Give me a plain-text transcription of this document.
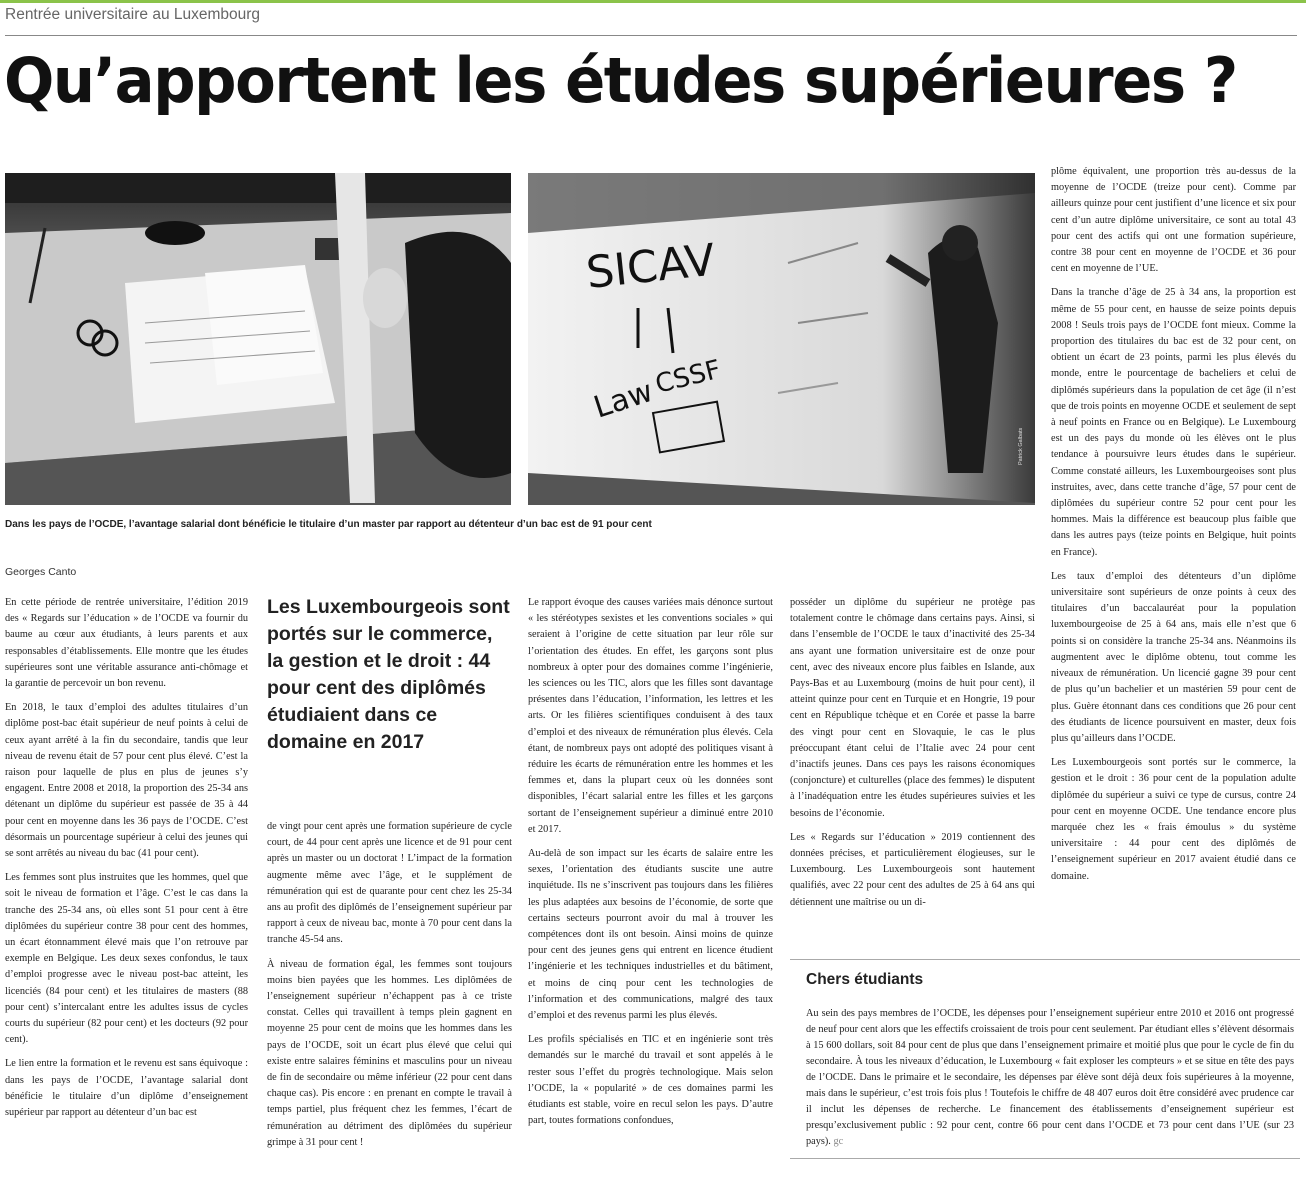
Rentrée universitaire au Luxembourg
Qu’apportent les études supérieures ?
SICAV
Law
CSSF
Patrick Galbats
Dans les pays de l’OCDE, l’avantage salarial dont bénéficie le titulaire d’un master par rapport au détenteur d’un bac est de 91 pour cent
Georges Canto

En cette période de rentrée universitaire, l’édition 2019 des « Regards sur l’éducation » de l’OCDE va fournir du baume au cœur aux étudiants, à leurs parents et aux responsables d’établissements. Elle montre que les études supérieures sont une véritable assurance anti-chômage et la garantie de percevoir un bon revenu.

En 2018, le taux d’emploi des adultes titulaires d’un diplôme post-bac était supérieur de neuf points à celui de ceux ayant arrêté à la fin du secondaire, tandis que leur niveau de revenu était de 57 pour cent plus élevé. C’est la raison pour laquelle de plus en plus de jeunes s’y engagent. Entre 2008 et 2018, la proportion des 25-34 ans détenant un diplôme du supérieur est passée de 35 à 44 pour cent en moyenne dans les 36 pays de l’OCDE. C’est désormais un pourcentage supérieur à celui des jeunes qui se sont arrêtés au niveau du bac (41 pour cent).

Les femmes sont plus instruites que les hommes, quel que soit le niveau de formation et l’âge. C’est le cas dans la tranche des 25-34 ans, où elles sont 51 pour cent à être diplômées du supérieur contre 38 pour cent des hommes, un écart étonnamment élevé mais que l’on retrouve par exemple en Belgique. Les deux sexes confondus, le taux d’emploi progresse avec le niveau post-bac atteint, les licenciés (84 pour cent) et les titulaires de masters (88 pour cent) s’intercalant entre les adultes issus de cycles courts du supérieur (82 pour cent) et les docteurs (92 pour cent).

Le lien entre la formation et le revenu est sans équivoque : dans les pays de l’OCDE, l’avantage salarial dont bénéficie le titulaire d’un diplôme d’enseignement supérieur par rapport au détenteur d’un bac est

Les Luxembourgeois sont portés sur le commerce, la gestion et le droit : 44 pour cent des diplômés étudiaient dans ce domaine en 2017

de vingt pour cent après une formation supérieure de cycle court, de 44 pour cent après une licence et de 91 pour cent après un master ou un doctorat ! L’impact de la formation augmente même avec l’âge, et le supplément de rémunération qui est de quarante pour cent chez les 25-34 ans au profit des diplômés de l’enseignement supérieur par rapport à ceux de niveau bac, monte à 70 pour cent dans la tranche 45-54 ans.

À niveau de formation égal, les femmes sont toujours moins bien payées que les hommes. Les diplômées de l’enseignement supérieur n’échappent pas à ce triste constat. Celles qui travaillent à temps plein gagnent en moyenne 25 pour cent de moins que les hommes dans les pays de l’OCDE, soit un écart plus élevé que celui qui existe entre salaires féminins et masculins pour un niveau de fin de secondaire ou même inférieur (22 pour cent dans chaque cas). Pis encore : en prenant en compte le travail à temps partiel, plus fréquent chez les femmes, l’écart de rémunération au détriment des diplômées du supérieur grimpe à 31 pour cent !

Le rapport évoque des causes variées mais dénonce surtout « les stéréotypes sexistes et les conventions sociales » qui seraient à l’origine de cette situation par leur rôle sur l’orientation des études. En effet, les garçons sont plus nombreux à opter pour des domaines comme l’ingénierie, les sciences ou les TIC, alors que les filles sont davantage présentes dans l’éducation, l’information, les lettres et les arts. Or les filières scientifiques conduisent à des taux d’emploi et des niveaux de rémunération plus élevés. Cela étant, de nombreux pays ont adopté des politiques visant à réduire les écarts de rémunération entre les hommes et les femmes et, dans la plupart ceux où les données sont disponibles, l’écart salarial entre les filles et les garçons sortant de l’enseignement supérieur a diminué entre 2010 et 2017.

Au-delà de son impact sur les écarts de salaire entre les sexes, l’orientation des étudiants suscite une autre inquiétude. Ils ne s’inscrivent pas toujours dans les filières les plus adaptées aux besoins de l’économie, de sorte que certains secteurs pourront avoir du mal à trouver les compétences dont ils ont besoin. Ainsi moins de quinze pour cent des jeunes gens qui entrent en licence étudient l’ingénierie et les techniques industrielles et du bâtiment, et moins de cinq pour cent les technologies de l’information et des communications, malgré des taux d’emploi et des revenus parmi les plus élevés.

Les profils spécialisés en TIC et en ingénierie sont très demandés sur le marché du travail et sont appelés à le rester sous l’effet du progrès technologique. Mais selon l’OCDE, la « popularité » de ces domaines parmi les étudiants est stable, voire en recul selon les pays. D’autre part, toutes formations confondues,

posséder un diplôme du supérieur ne protège pas totalement contre le chômage dans certains pays. Ainsi, si dans l’ensemble de l’OCDE le taux d’inactivité des 25-34 ans ayant une formation universitaire est de onze pour cent, avec des niveaux encore plus faibles en Islande, aux Pays-Bas et au Luxembourg (moins de huit pour cent), il atteint quinze pour cent en Turquie et en Hongrie, 19 pour cent en République tchèque et en Corée et passe la barre des vingt pour cent en Slovaquie, le cas le plus préoccupant étant celui de l’Italie avec 24 pour cent d’inactifs jeunes. Dans ces pays les raisons économiques (conjoncture) et culturelles (place des femmes) le disputent à l’inadéquation entre les études supérieures suivies et les besoins de l’économie.

Les « Regards sur l’éducation » 2019 contiennent des données précises, et particulièrement élogieuses, sur le Luxembourg. Les Luxembourgeois sont hautement qualifiés, avec 22 pour cent des adultes de 25 à 64 ans qui détiennent une maîtrise ou un di-

plôme équivalent, une proportion très au-dessus de la moyenne de l’OCDE (treize pour cent). Comme par ailleurs quinze pour cent justifient d’une licence et six pour cent d’un autre diplôme universitaire, ce sont au total 43 pour cent des actifs qui ont une formation supérieure, contre 38 pour cent en moyenne de l’OCDE et 36 pour cent en moyenne de l’UE.

Dans la tranche d’âge de 25 à 34 ans, la proportion est même de 55 pour cent, en hausse de seize points depuis 2008 ! Seuls trois pays de l’OCDE font mieux. Comme la proportion des titulaires du bac est de 32 pour cent, on obtient un écart de 23 points, parmi les plus élevés du monde, entre le pourcentage de bacheliers et celui de diplômés supérieurs dans la population de cet âge (il n’est que de trois points en moyenne OCDE et seulement de sept à neuf points en France ou en Belgique). Le Luxembourg est un des pays du monde où les élèves ont le plus tendance à poursuivre leurs études dans le supérieur. Comme constaté ailleurs, les Luxembourgeoises sont plus instruites, avec, dans cette tranche d’âge, 57 pour cent de diplômées du supérieur contre 52 pour cent pour les hommes. Mais la différence est beaucoup plus faible que dans les autres pays (teize points en Belgique, huit points en France).

Les taux d’emploi des détenteurs d’un diplôme universitaire sont supérieurs de onze points à ceux des titulaires d’un baccalauréat pour la population luxembourgeoise de 25 à 64 ans, mais elle n’est que 6 points si on considère la tranche 25-34 ans. Néanmoins ils augmentent avec le diplôme obtenu, tout comme les niveaux de rémunération. Un licencié gagne 39 pour cent de plus qu’un bachelier et un mastérien 59 pour cent de plus. Guère étonnant dans ces conditions que 26 pour cent des étudiants de licence poursuivent en master, deux fois plus qu’ailleurs dans l’OCDE.

Les Luxembourgeois sont portés sur le commerce, la gestion et le droit : 36 pour cent de la population adulte diplômée du supérieur a suivi ce type de cursus, contre 24 pour cent en moyenne OCDE. Une tendance encore plus marquée chez les « frais émoulus » du système universitaire : 44 pour cent des diplômés de l’enseignement supérieur en 2017 avaient étudié dans ce domaine.

Chers étudiants
Au sein des pays membres de l’OCDE, les dépenses pour l’enseignement supérieur entre 2010 et 2016 ont progressé de neuf pour cent alors que les effectifs croissaient de trois pour cent seulement. Par étudiant elles s’élèvent désormais à 15 600 dollars, soit 84 pour cent de plus que dans l’enseignement primaire et moitié plus que pour le cycle de fin du secondaire. À tous les niveaux d’éducation, le Luxembourg « fait exploser les compteurs » et se situe en tête des pays de l’OCDE. Dans le primaire et le secondaire, les dépenses par élève sont déjà deux fois supérieures à la moyenne, mais dans le supérieur, c’est trois fois plus ! Toutefois le chiffre de 48 407 euros doit être considéré avec prudence car il inclut les dépenses de recherche. Le financement des établissements d’enseignement supérieur est presqu’exclusivement public : 92 pour cent, contre 66 pour cent dans l’OCDE et 73 pour cent dans l’UE (sur 23 pays). gc
